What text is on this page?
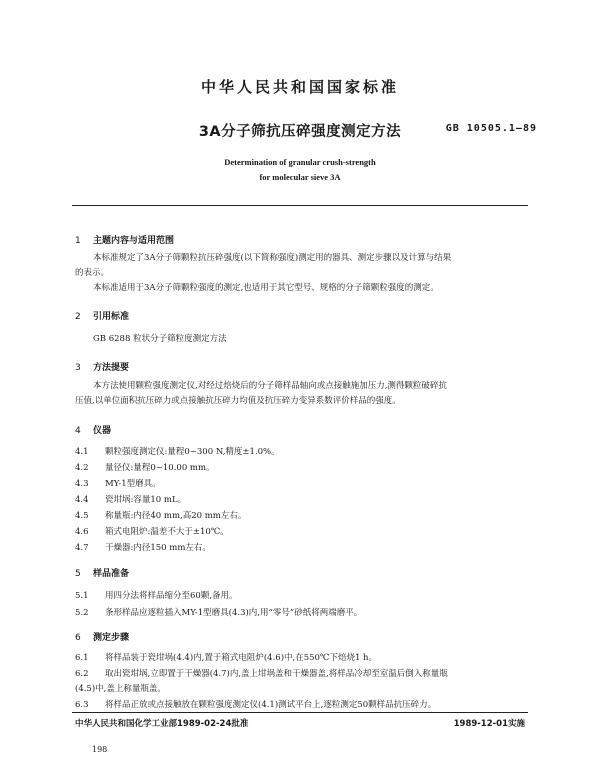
中华人民共和国国家标准
3A分子筛抗压碎强度测定方法	GB 10505.1—89
Determination of granular crush-strength
for molecular sieve 3A
1 主题内容与适用范围
本标准规定了3A分子筛颗粒抗压碎强度(以下简称强度)测定用的器具、测定步骤以及计算与结果
的表示。
本标准适用于3A分子筛颗粒强度的测定,也适用于其它型号、规格的分子筛颗粒强度的测定。
2 引用标准
GB 6288 粒状分子筛粒度测定方法
3 方法提要
本方法使用颗粒强度测定仪,对经过焙烧后的分子筛样品轴向或点接触施加压力,测得颗粒破碎抗
压值,以单位面积抗压碎力或点接触抗压碎力均值及抗压碎力变异系数评价样品的强度。
4 仪器
4.1 颗粒强度测定仪:量程0~300 N,精度±1.0%。
4.2 量径仪:量程0~10.00 mm。
4.3 MY-1型磨具。
4.4 瓷坩埚:容量10 mL。
4.5 称量瓶:内径40 mm,高20 mm左右。
4.6 箱式电阻炉:温差不大于±10℃。
4.7 干燥器:内径150 mm左右。
5 样品准备
5.1 用四分法将样品缩分至60颗,备用。
5.2 条形样品应逐粒插入MY-1型磨具(4.3)内,用“零号”砂纸将两端磨平。
6 测定步骤
6.1 将样品装于瓷坩埚(4.4)内,置于箱式电阻炉(4.6)中,在550℃下焙烧1 h。
6.2 取出瓷坩埚,立即置于干燥器(4.7)内,盖上坩埚盖和干燥器盖,将样品冷却至室温后倒入称量瓶
(4.5)中,盖上称量瓶盖。
6.3 将样品正放或点接触放在颗粒强度测定仪(4.1)测试平台上,逐粒测定50颗样品抗压碎力。
中华人民共和国化学工业部1989-02-24批准	1989-12-01实施
198
